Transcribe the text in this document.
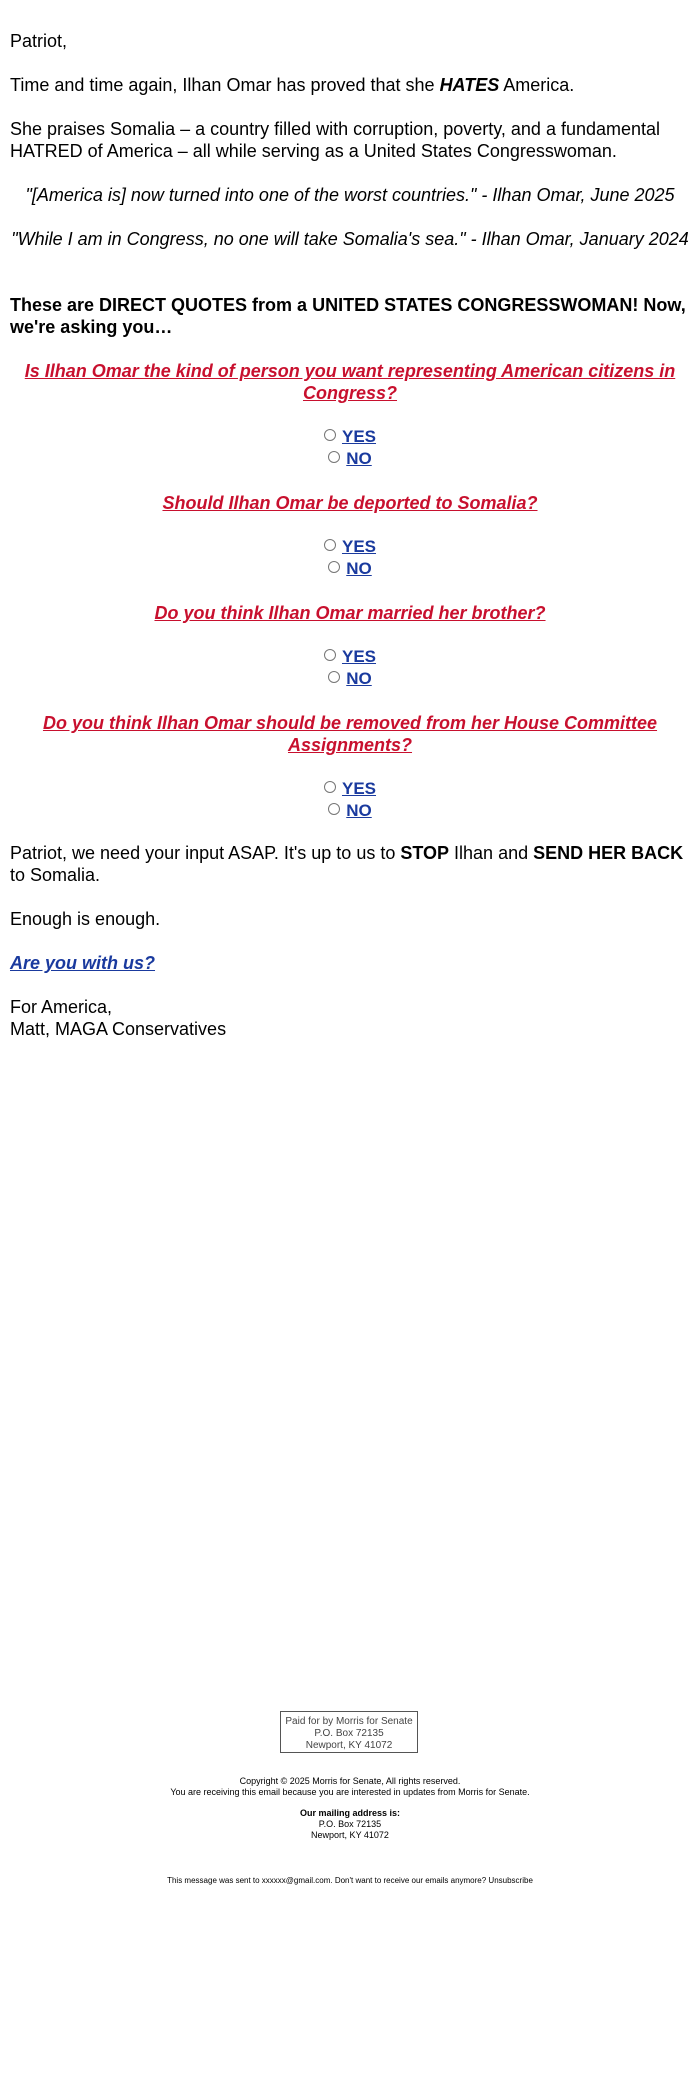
Patriot,

Time and time again, Ilhan Omar has proved that she HATES America.

She praises Somalia – a country filled with corruption, poverty, and a fundamental HATRED of America – all while serving as a United States Congresswoman.

"[America is] now turned into one of the worst countries." - Ilhan Omar, June 2025

"While I am in Congress, no one will take Somalia's sea." - Ilhan Omar, January 2024

These are DIRECT QUOTES from a UNITED STATES CONGRESSWOMAN! Now, we're asking you…

Is Ilhan Omar the kind of person you want representing American citizens in Congress?

YES
NO

Should Ilhan Omar be deported to Somalia?

YES
NO

Do you think Ilhan Omar married her brother?

YES
NO

Do you think Ilhan Omar should be removed from her House Committee Assignments?

YES
NO

Patriot, we need your input ASAP. It's up to us to STOP Ilhan and SEND HER BACK to Somalia.

Enough is enough.

Are you with us?

For America,

Matt, MAGA Conservatives

Paid for by Morris for Senate
P.O. Box 72135
Newport, KY 41072
Copyright © 2025 Morris for Senate, All rights reserved.
You are receiving this email because you are interested in updates from Morris for Senate.
Our mailing address is:
P.O. Box 72135
Newport, KY 41072
This message was sent to xxxxxx@gmail.com. Don't want to receive our emails anymore? Unsubscribe
